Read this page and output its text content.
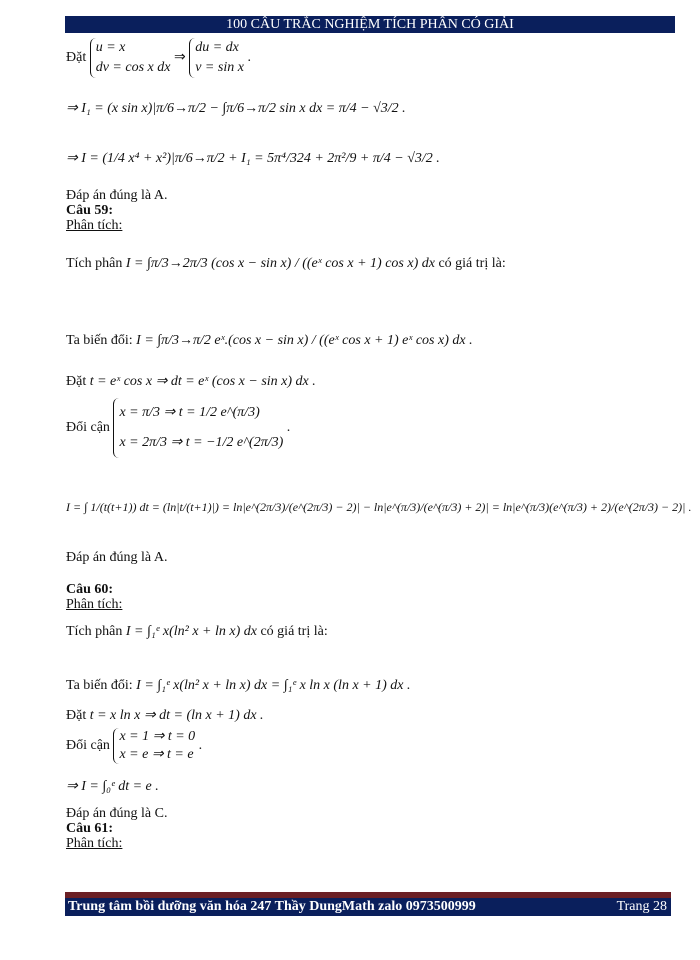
100 CÂU TRẮC NGHIỆM TÍCH PHÂN CÓ GIẢI
Đặt u = x
dv = cos x dx ⇒ du = dx
v = sin x .
⇒ I₁ = (x sin x)|π/6→π/2 − ∫π/6→π/2 sin x dx = π/4 − √3/2 .
⇒ I = (1/4 x⁴ + x²)|π/6→π/2 + I₁ = 5π⁴/324 + 2π²/9 + π/4 − √3/2 .
Đáp án đúng là A.
Câu 59:
Phân tích:
Tích phân I = ∫π/3→2π/3 (cos x − sin x) / ((eˣ cos x + 1) cos x) dx có giá trị là:
Ta biến đổi: I = ∫π/3→π/2 eˣ.(cos x − sin x) / ((eˣ cos x + 1) eˣ cos x) dx .
Đặt t = eˣ cos x ⇒ dt = eˣ (cos x − sin x) dx .
Đổi cận x = π/3 ⇒ t = 1/2 e^(π/3)
x = 2π/3 ⇒ t = −1/2 e^(2π/3) .
I = ∫ 1/(t(t+1)) dt = (ln|t/(t+1)|) = ln|e^(2π/3)/(e^(2π/3) − 2)| − ln|e^(π/3)/(e^(π/3) + 2)| = ln|e^(π/3)(e^(π/3) + 2)/(e^(2π/3) − 2)| .
Đáp án đúng là A.
Câu 60:
Phân tích:
Tích phân I = ∫₁ᵉ x(ln² x + ln x) dx có giá trị là:
Ta biến đổi: I = ∫₁ᵉ x(ln² x + ln x) dx = ∫₁ᵉ x ln x (ln x + 1) dx .
Đặt t = x ln x ⇒ dt = (ln x + 1) dx .
Đổi cận x = 1 ⇒ t = 0
x = e ⇒ t = e .
⇒ I = ∫₀ᵉ dt = e .
Đáp án đúng là C.
Câu 61:
Phân tích:
Trung tâm bồi dưỡng văn hóa 247 Thầy DungMath zalo 0973500999	Trang 28
